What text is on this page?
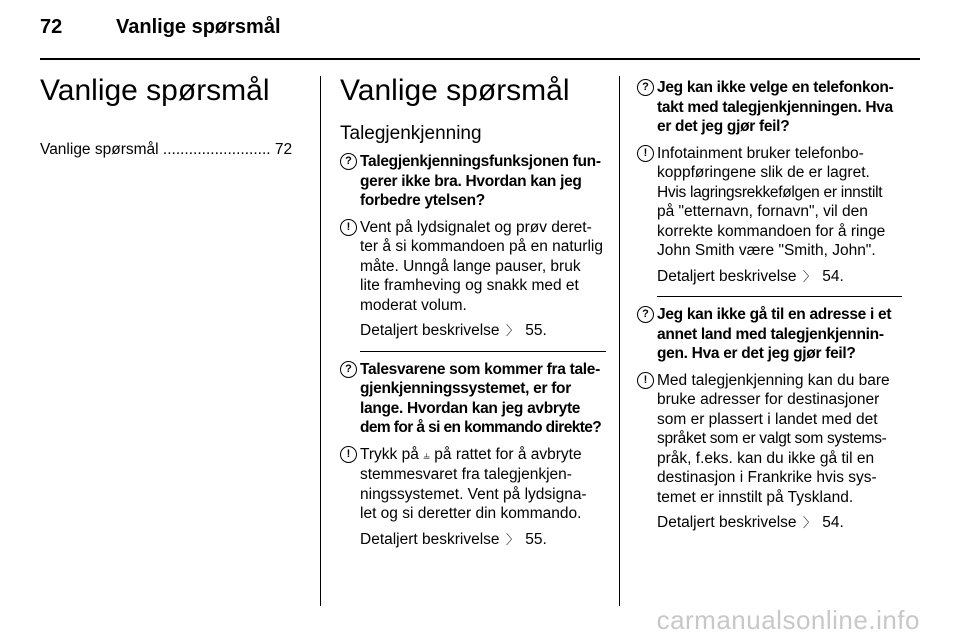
72	Vanlige spørsmål
Vanlige spørsmål
Vanlige spørsmål ......................... 72
Vanlige spørsmål
Talegjenkjenning
? Talegjenkjenningsfunksjonen fun-
gerer ikke bra. Hvordan kan jeg
forbedre ytelsen?
! Vent på lydsignalet og prøv deret-
ter å si kommandoen på en naturlig
måte. Unngå lange pauser, bruk
lite framheving og snakk med et
moderat volum.
Detaljert beskrivelse 〉 55.
? Talesvarene som kommer fra tale-
gjenkjenningssystemet, er for
lange. Hvordan kan jeg avbryte
dem for å si en kommando direkte?
! Trykk på ⫨ på rattet for å avbryte
stemmesvaret fra talegjenkjen-
ningssystemet. Vent på lydsigna-
let og si deretter din kommando.
Detaljert beskrivelse 〉 55.
? Jeg kan ikke velge en telefonkon-
takt med talegjenkjenningen. Hva
er det jeg gjør feil?
! Infotainment bruker telefonbo-
koppføringene slik de er lagret.
Hvis lagringsrekkefølgen er innstilt
på "etternavn, fornavn", vil den
korrekte kommandoen for å ringe
John Smith være "Smith, John".
Detaljert beskrivelse 〉 54.
? Jeg kan ikke gå til en adresse i et
annet land med talegjenkjennin-
gen. Hva er det jeg gjør feil?
! Med talegjenkjenning kan du bare
bruke adresser for destinasjoner
som er plassert i landet med det
språket som er valgt som systems-
pråk, f.eks. kan du ikke gå til en
destinasjon i Frankrike hvis sys-
temet er innstilt på Tyskland.
Detaljert beskrivelse 〉 54.
carmanualsonline.info
